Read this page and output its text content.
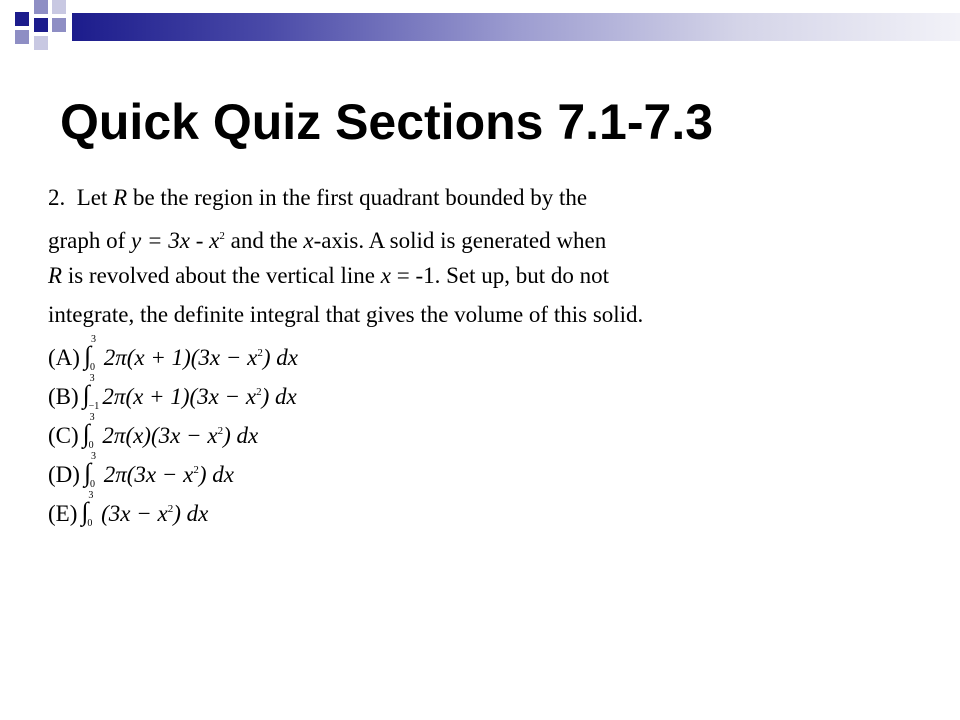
Quick Quiz Sections 7.1-7.3
2. Let R be the region in the first quadrant bounded by the
graph of $y = 3x - x^2$ and the x-axis. A solid is generated when
R is revolved about the vertical line x = -1. Set up, but do not
integrate, the definite integral that gives the volume of this solid.
(A) ∫
3
0 $2\pi(x + 1)(3x - x^2)$ dx
(B) ∫
3
−1 $2\pi(x + 1)(3x - x^2)$ dx
(C) ∫
3
0 $2\pi(x)(3x - x^2)$ dx
(D) ∫
3
0 $2\pi(3x - x^2)$ dx
(E) ∫
3
0 $(3x - x^2)$ dx
